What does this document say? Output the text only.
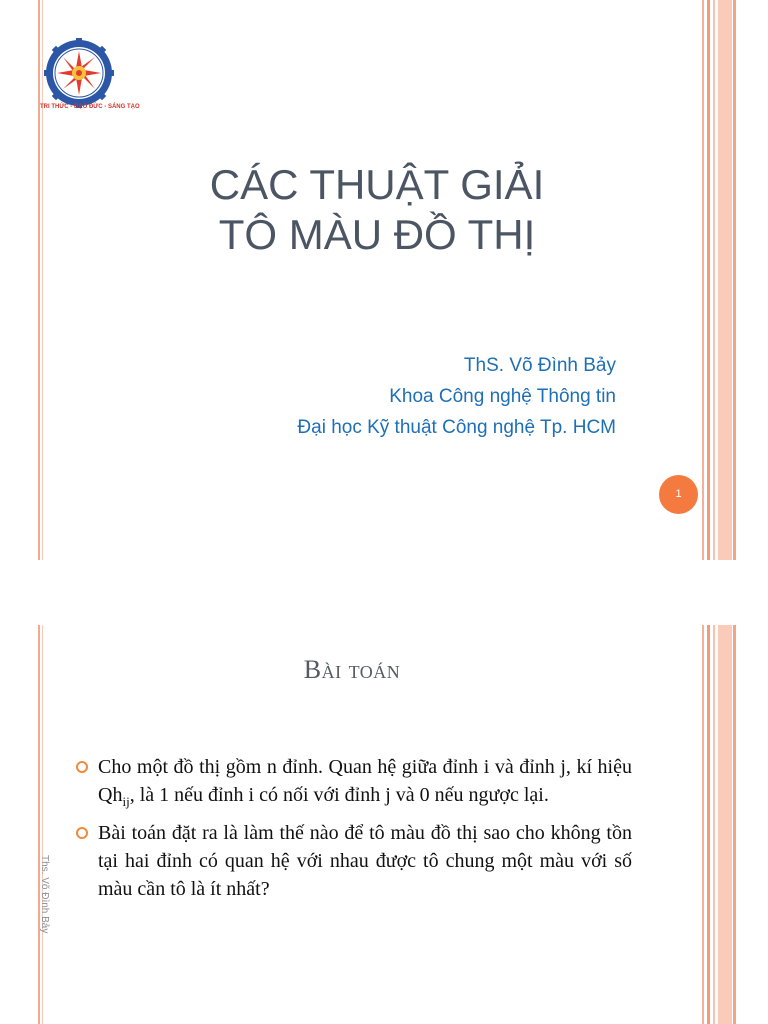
TRI THỨC - ĐẠO ĐỨC - SÁNG TẠO
CÁC THUẬT GIẢI
TÔ MÀU ĐỒ THỊ
ThS. Võ Đình Bảy
Khoa Công nghệ Thông tin
Đại học Kỹ thuật Công nghệ Tp. HCM
1
Bài toán
Cho một đồ thị gồm n đỉnh. Quan hệ giữa đỉnh i và đỉnh j, kí hiệu $Qh_{ij}$, là 1 nếu đỉnh i có nối với đỉnh j và 0 nếu ngược lại.
Bài toán đặt ra là làm thế nào để tô màu đồ thị sao cho không tồn tại hai đỉnh có quan hệ với nhau được tô chung một màu với số màu cần tô là ít nhất?
Ths. Võ Đình Bảy
